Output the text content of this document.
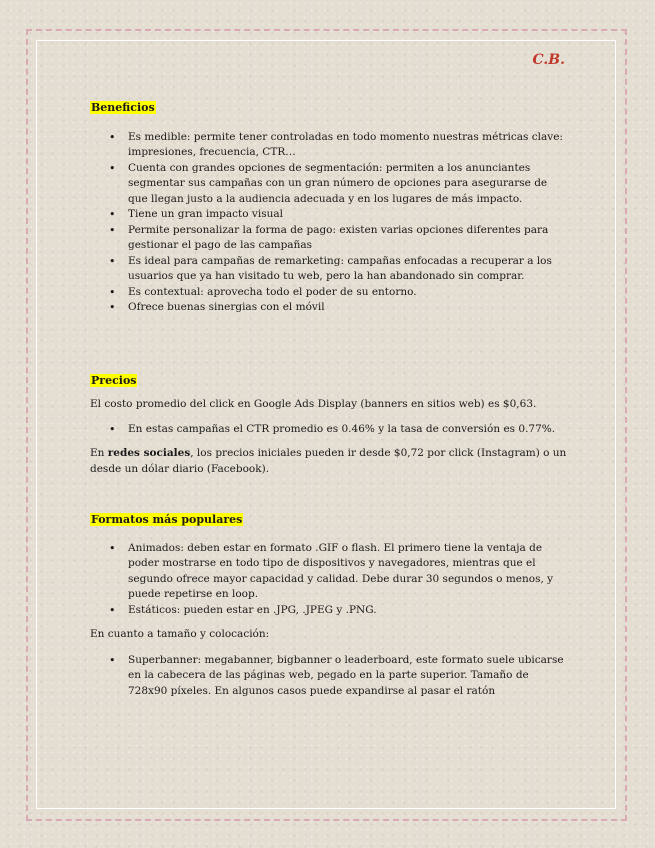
C.B.
Beneficios
• Es medible: permite tener controladas en todo momento nuestras métricas clave: impresiones, frecuencia, CTR…
• Cuenta con grandes opciones de segmentación: permiten a los anunciantes segmentar sus campañas con un gran número de opciones para asegurarse de que llegan justo a la audiencia adecuada y en los lugares de más impacto.
• Tiene un gran impacto visual
• Permite personalizar la forma de pago: existen varias opciones diferentes para gestionar el pago de las campañas
• Es ideal para campañas de remarketing: campañas enfocadas a recuperar a los usuarios que ya han visitado tu web, pero la han abandonado sin comprar.
• Es contextual: aprovecha todo el poder de su entorno.
• Ofrece buenas sinergias con el móvil
Precios

El costo promedio del click en Google Ads Display (banners en sitios web) es $0,63.

• En estas campañas el CTR promedio es 0.46% y la tasa de conversión es 0.77%.

En redes sociales, los precios iniciales pueden ir desde $0,72 por click (Instagram) o un desde un dólar diario (Facebook).

Formatos más populares
• Animados: deben estar en formato .GIF o flash. El primero tiene la ventaja de poder mostrarse en todo tipo de dispositivos y navegadores, mientras que el segundo ofrece mayor capacidad y calidad. Debe durar 30 segundos o menos, y puede repetirse en loop.
• Estáticos: pueden estar en .JPG, .JPEG y .PNG.

En cuanto a tamaño y colocación:

• Superbanner: megabanner, bigbanner o leaderboard, este formato suele ubicarse en la cabecera de las páginas web, pegado en la parte superior. Tamaño de 728x90 píxeles. En algunos casos puede expandirse al pasar el ratón
